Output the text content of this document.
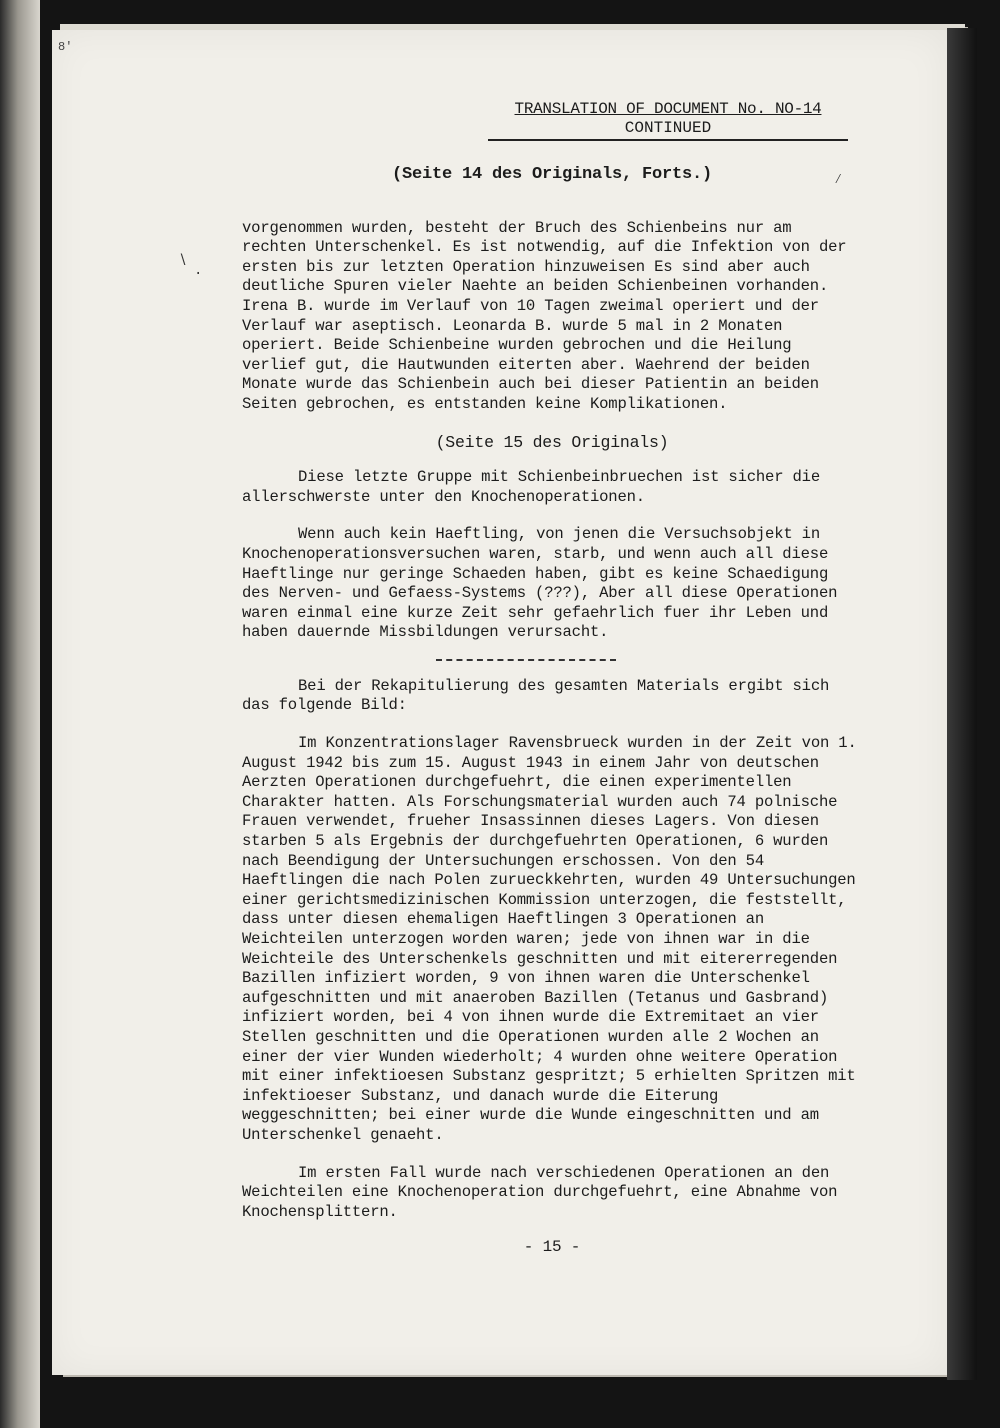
8'
TRANSLATION OF DOCUMENT No. NO-14
CONTINUED
⁄
∖
·
(Seite 14 des Originals, Forts.)

vorgenommen wurden, besteht der Bruch des Schienbeins nur am rechten Unterschenkel. Es ist notwendig, auf die Infektion von der ersten bis zur letzten Operation hinzuweisen Es sind aber auch deutliche Spuren vieler Naehte an beiden Schienbeinen vorhanden. Irena B. wurde im Verlauf von 10 Tagen zweimal operiert und der Verlauf war aseptisch. Leonarda B. wurde 5 mal in 2 Monaten operiert. Beide Schienbeine wurden gebrochen und die Heilung verlief gut, die Hautwunden eiterten aber. Waehrend der beiden Monate wurde das Schienbein auch bei dieser Patientin an beiden Seiten gebrochen, es entstanden keine Komplikationen.

(Seite 15 des Originals)

Diese letzte Gruppe mit Schienbeinbruechen ist sicher die allerschwerste unter den Knochenoperationen.

Wenn auch kein Haeftling, von jenen die Versuchsobjekt in Knochenoperationsversuchen waren, starb, und wenn auch all diese Haeftlinge nur geringe Schaeden haben, gibt es keine Schaedigung des Nerven- und Gefaess-Systems (???), Aber all diese Operationen waren einmal eine kurze Zeit sehr gefaehrlich fuer ihr Leben und haben dauernde Missbildungen verursacht.

Bei der Rekapitulierung des gesamten Materials ergibt sich das folgende Bild:

Im Konzentrationslager Ravensbrueck wurden in der Zeit von 1. August 1942 bis zum 15. August 1943 in einem Jahr von deutschen Aerzten Operationen durchgefuehrt, die einen experimentellen Charakter hatten. Als Forschungsmaterial wurden auch 74 polnische Frauen verwendet, frueher Insassinnen dieses Lagers. Von diesen starben 5 als Ergebnis der durchgefuehrten Operationen, 6 wurden nach Beendigung der Untersuchungen erschossen. Von den 54 Haeftlingen die nach Polen zurueckkehrten, wurden 49 Untersuchungen einer gerichtsmedizinischen Kommission unterzogen, die feststellt, dass unter diesen ehemaligen Haeftlingen 3 Operationen an Weichteilen unterzogen worden waren; jede von ihnen war in die Weichteile des Unterschenkels geschnitten und mit eitererregenden Bazillen infiziert worden, 9 von ihnen waren die Unterschenkel aufgeschnitten und mit anaeroben Bazillen (Tetanus und Gasbrand) infiziert worden, bei 4 von ihnen wurde die Extremitaet an vier Stellen geschnitten und die Operationen wurden alle 2 Wochen an einer der vier Wunden wiederholt; 4 wurden ohne weitere Operation mit einer infektioesen Substanz gespritzt; 5 erhielten Spritzen mit infektioeser Substanz, und danach wurde die Eiterung weggeschnitten; bei einer wurde die Wunde eingeschnitten und am Unterschenkel genaeht.

Im ersten Fall wurde nach verschiedenen Operationen an den Weichteilen eine Knochenoperation durchgefuehrt, eine Abnahme von Knochensplittern.

- 15 -
